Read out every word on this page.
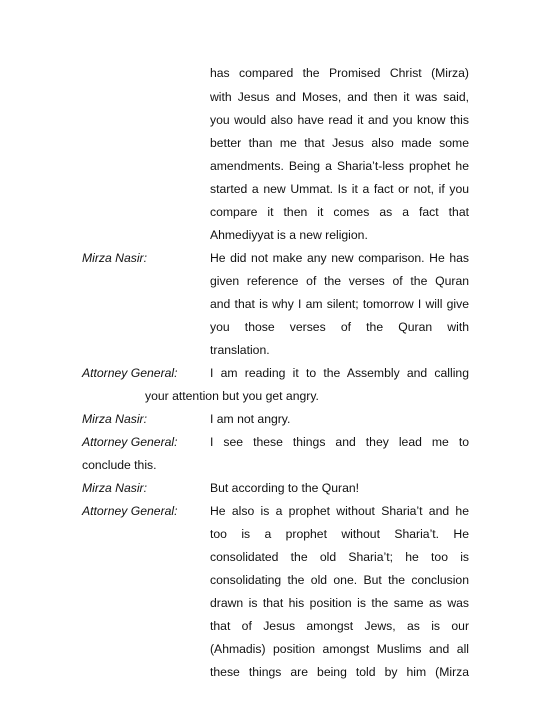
has compared the Promised Christ (Mirza)
with Jesus and Moses, and then it was said,
you would also have read it and you know this
better than me that Jesus also made some
amendments. Being a Sharia’t-less prophet he
started a new Ummat. Is it a fact or not, if you
compare it then it comes as a fact that
Ahmediyyat is a new religion.
Mirza Nasir:	He did not make any new comparison. He has
given reference of the verses of the Quran
and that is why I am silent; tomorrow I will give
you those verses of the Quran with
translation.
Attorney General:	I am reading it to the Assembly and calling
your attention but you get angry.
Mirza Nasir:	I am not angry.
Attorney General:	I see these things and they lead me to
conclude this.
Mirza Nasir:	But according to the Quran!
Attorney General:	He also is a prophet without Sharia’t and he
too is a prophet without Sharia’t. He
consolidated the old Sharia’t; he too is
consolidating the old one. But the conclusion
drawn is that his position is the same as was
that of Jesus amongst Jews, as is our
(Ahmadis) position amongst Muslims and all
these things are being told by him (Mirza
